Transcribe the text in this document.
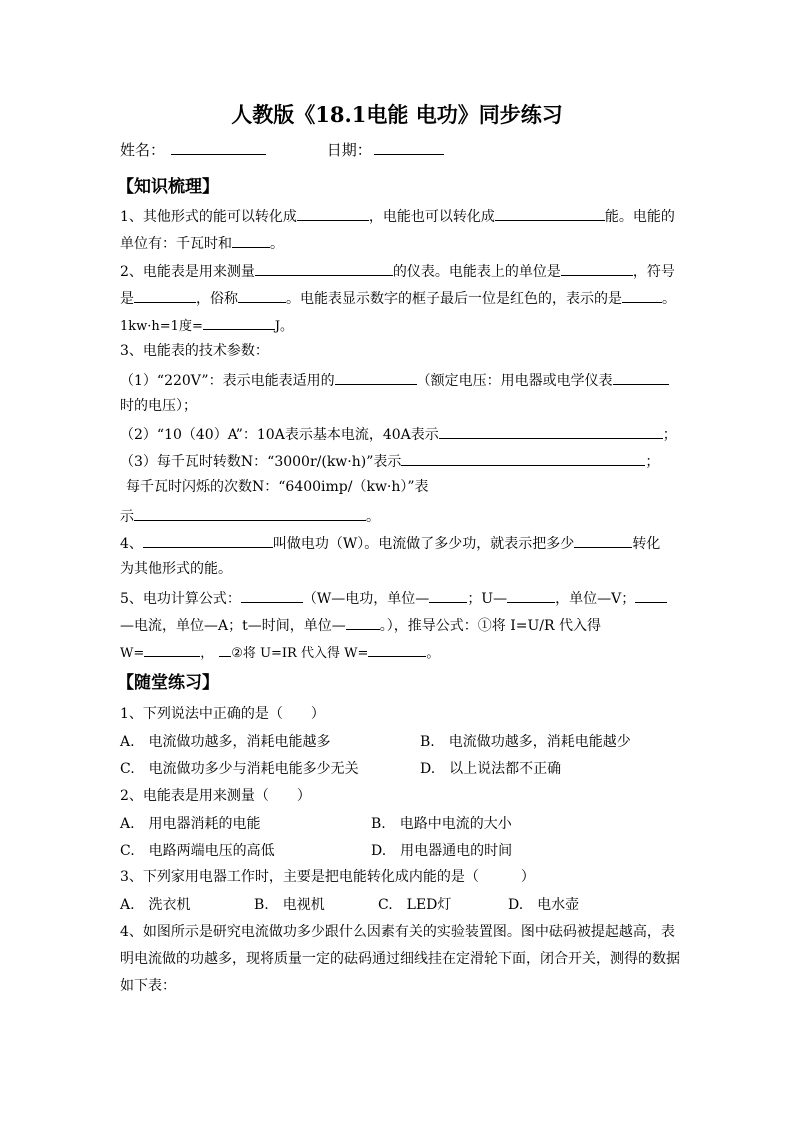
人教版《18.1电能 电功》同步练习
姓名：	日期：
【知识梳理】
1、其他形式的能可以转化成	，电能也可以转化成	能。电能的
单位有：千瓦时和	。
2、电能表是用来测量	的仪表。电能表上的单位是	，符号
是	，俗称	。电能表显示数字的框子最后一位是红色的，表示的是	。
1kw·h=1度=	J。
3、电能表的技术参数：
（1）“220V”：表示电能表适用的	（额定电压：用电器或电学仪表
时的电压）；
（2）“10（40）A”：10A表示基本电流，40A表示	；
（3）每千瓦时转数N：“3000r/(kw·h)”表示	；
每千瓦时闪烁的次数N：“6400imp/（kw·h）”表
示	。
4、	叫做电功（W）。电流做了多少功，就表示把多少	转化
为其他形式的能。
5、电功计算公式：	（W—电功，单位—	；U—	，单位—V；
—电流，单位—A；t—时间，单位— 。），推导公式：①将 I=U/R 代入得
W=	， ②将 U=IR 代入得 W=	。
【随堂练习】
1、下列说法中正确的是（　　）
A.　电流做功越多，消耗电能越多	B.　电流做功越多，消耗电能越少
C.　电流做功多少与消耗电能多少无关	D.　以上说法都不正确
2、电能表是用来测量（　　）
A.　用电器消耗的电能	B.　电路中电流的大小
C.　电路两端电压的高低	D.　用电器通电的时间
3、下列家用电器工作时，主要是把电能转化成内能的是（　　　）
A.　洗衣机	B.　电视机	C.　LED灯	D.　电水壶
4、如图所示是研究电流做功多少跟什么因素有关的实验装置图。图中砝码被提起越高，表
明电流做的功越多，现将质量一定的砝码通过细线挂在定滑轮下面，闭合开关，测得的数据
如下表：
